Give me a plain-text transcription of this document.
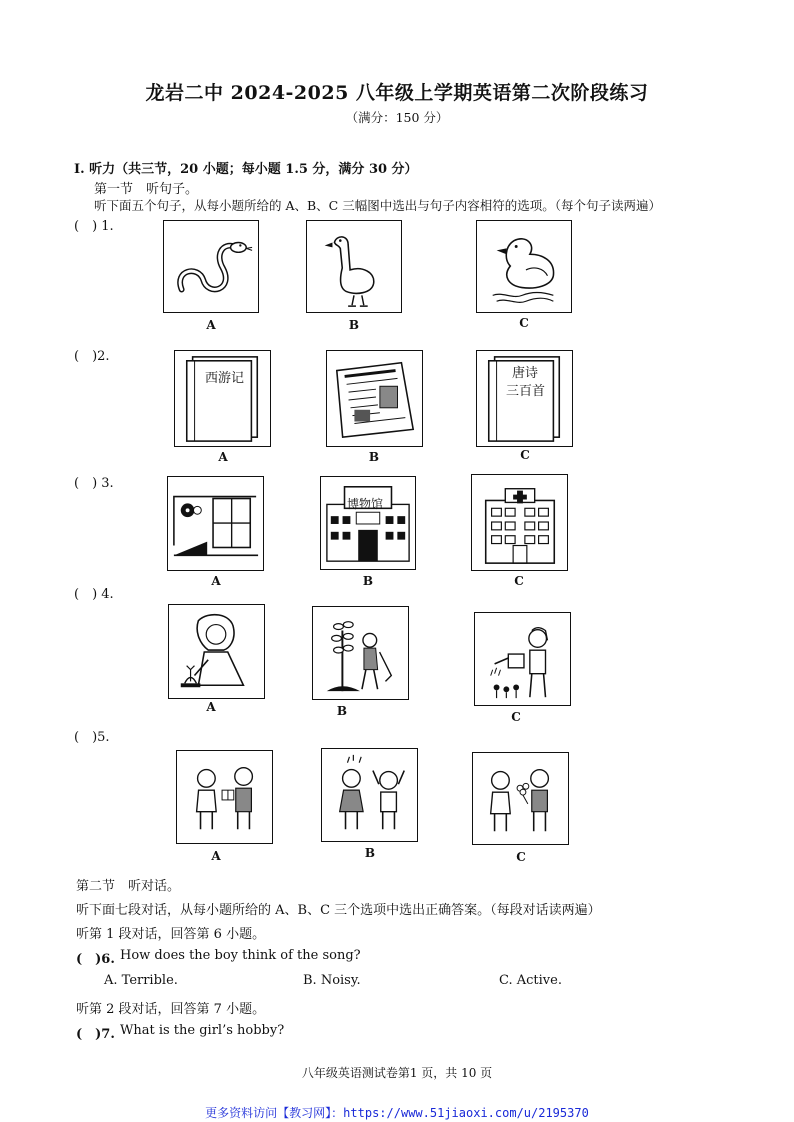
龙岩二中 2024-2025 八年级上学期英语第二次阶段练习
（满分：150 分）
I. 听力（共三节，20 小题；每小题 1.5 分，满分 30 分）
第一节　听句子。
听下面五个句子，从每小题所给的 A、B、C 三幅图中选出与句子内容相符的选项。（每个句子读两遍）
(　) 1.
A	B	C
(　)2.
西游记	唐诗
三百首
A	B	C
(　) 3.
博物馆
A	B	C
(　) 4.
A	B	C
(　)5.
A	B	C
第二节　听对话。
听下面七段对话，从每小题所给的 A、B、C 三个选项中选出正确答案。（每段对话读两遍）
听第 1 段对话，回答第 6 小题。
(　)6. How does the boy think of the song?
A. Terrible.	B. Noisy.	C. Active.
听第 2 段对话，回答第 7 小题。
(　)7. What is the girl’s hobby?
八年级英语测试卷第1 页，共 10 页
更多资料访问【教习网】：https://www.51jiaoxi.com/u/2195370
